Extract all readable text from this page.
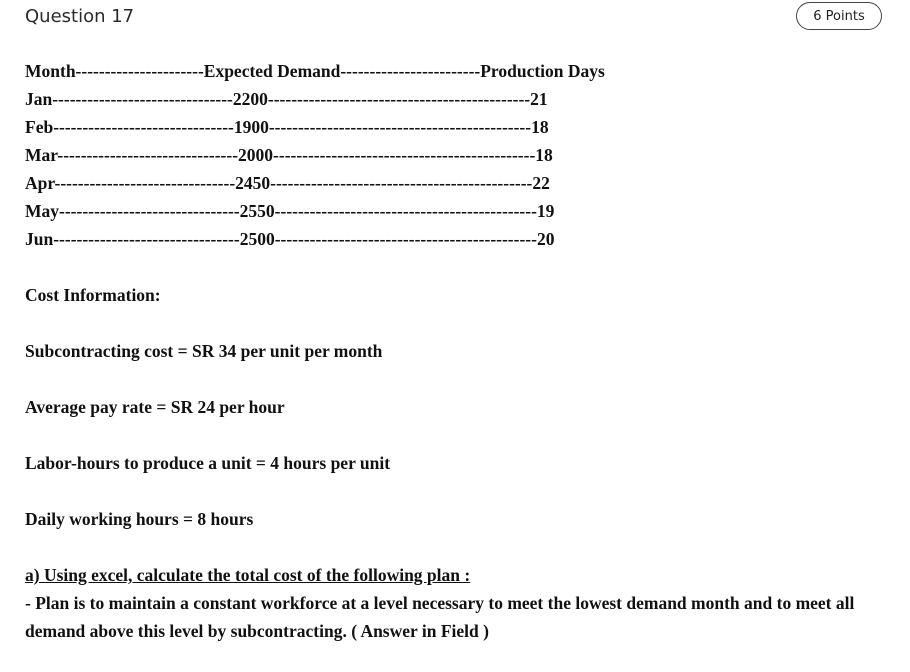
Question 17	6 Points
Month----------------------Expected Demand------------------------Production Days
Jan-------------------------------2200---------------------------------------------21
Feb-------------------------------1900---------------------------------------------18
Mar-------------------------------2000---------------------------------------------18
Apr-------------------------------2450---------------------------------------------22
May-------------------------------2550---------------------------------------------19
Jun--------------------------------2500---------------------------------------------20
Cost Information:
Subcontracting cost = SR 34 per unit per month
Average pay rate = SR 24 per hour
Labor-hours to produce a unit = 4 hours per unit
Daily working hours = 8 hours
a) Using excel, calculate the total cost of the following plan :
- Plan is to maintain a constant workforce at a level necessary to meet the lowest demand month and to meet all demand above this level by subcontracting. ( Answer in Field )
